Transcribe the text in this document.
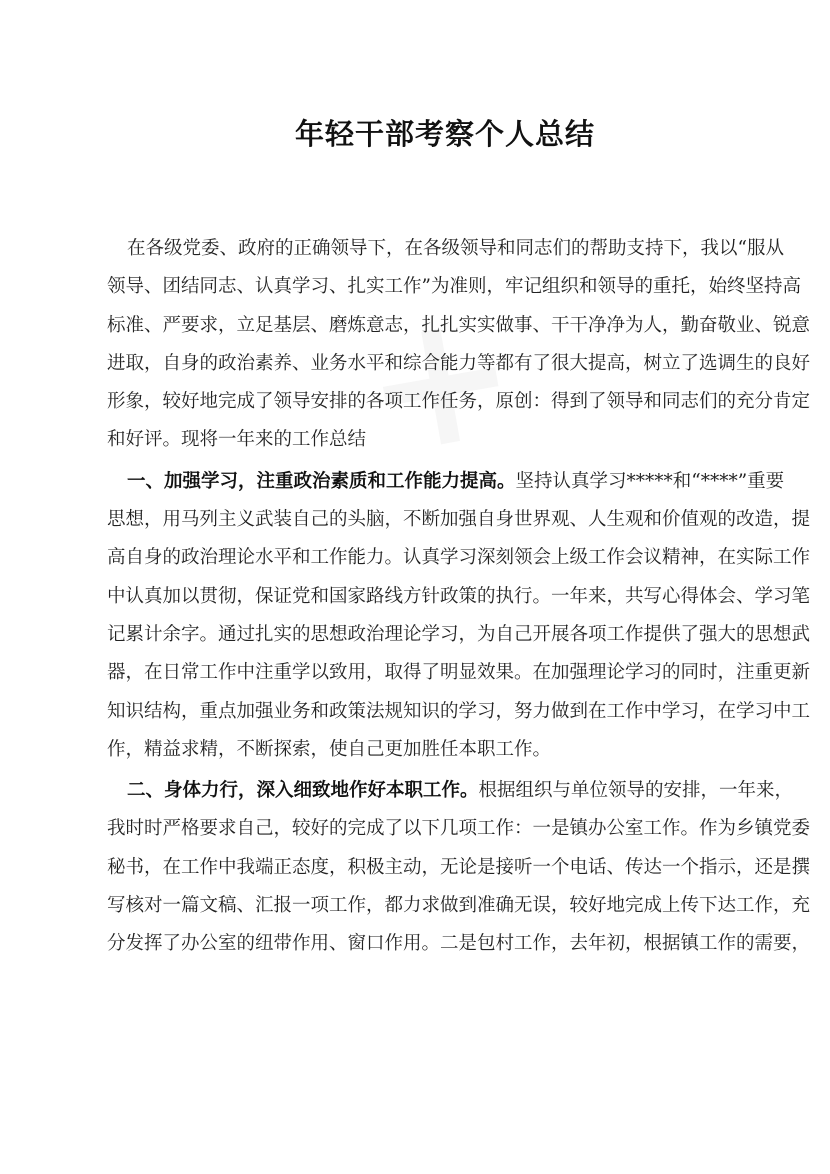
年轻干部考察个人总结
在各级党委、政府的正确领导下，在各级领导和同志们的帮助支持下，我以“服从
领导、团结同志、认真学习、扎实工作”为准则，牢记组织和领导的重托，始终坚持高
标准、严要求，立足基层、磨炼意志，扎扎实实做事、干干净净为人，勤奋敬业、锐意
进取，自身的政治素养、业务水平和综合能力等都有了很大提高，树立了选调生的良好
形象，较好地完成了领导安排的各项工作任务，原创：得到了领导和同志们的充分肯定
和好评。现将一年来的工作总结
一、加强学习，注重政治素质和工作能力提高。坚持认真学习*****和“****”重要
思想，用马列主义武装自己的头脑，不断加强自身世界观、人生观和价值观的改造，提
高自身的政治理论水平和工作能力。认真学习深刻领会上级工作会议精神，在实际工作
中认真加以贯彻，保证党和国家路线方针政策的执行。一年来，共写心得体会、学习笔
记累计余字。通过扎实的思想政治理论学习，为自己开展各项工作提供了强大的思想武
器，在日常工作中注重学以致用，取得了明显效果。在加强理论学习的同时，注重更新
知识结构，重点加强业务和政策法规知识的学习，努力做到在工作中学习，在学习中工
作，精益求精，不断探索，使自己更加胜任本职工作。
二、身体力行，深入细致地作好本职工作。根据组织与单位领导的安排，一年来，
我时时严格要求自己，较好的完成了以下几项工作：一是镇办公室工作。作为乡镇党委
秘书，在工作中我端正态度，积极主动，无论是接听一个电话、传达一个指示，还是撰
写核对一篇文稿、汇报一项工作，都力求做到准确无误，较好地完成上传下达工作，充
分发挥了办公室的纽带作用、窗口作用。二是包村工作，去年初，根据镇工作的需要，
